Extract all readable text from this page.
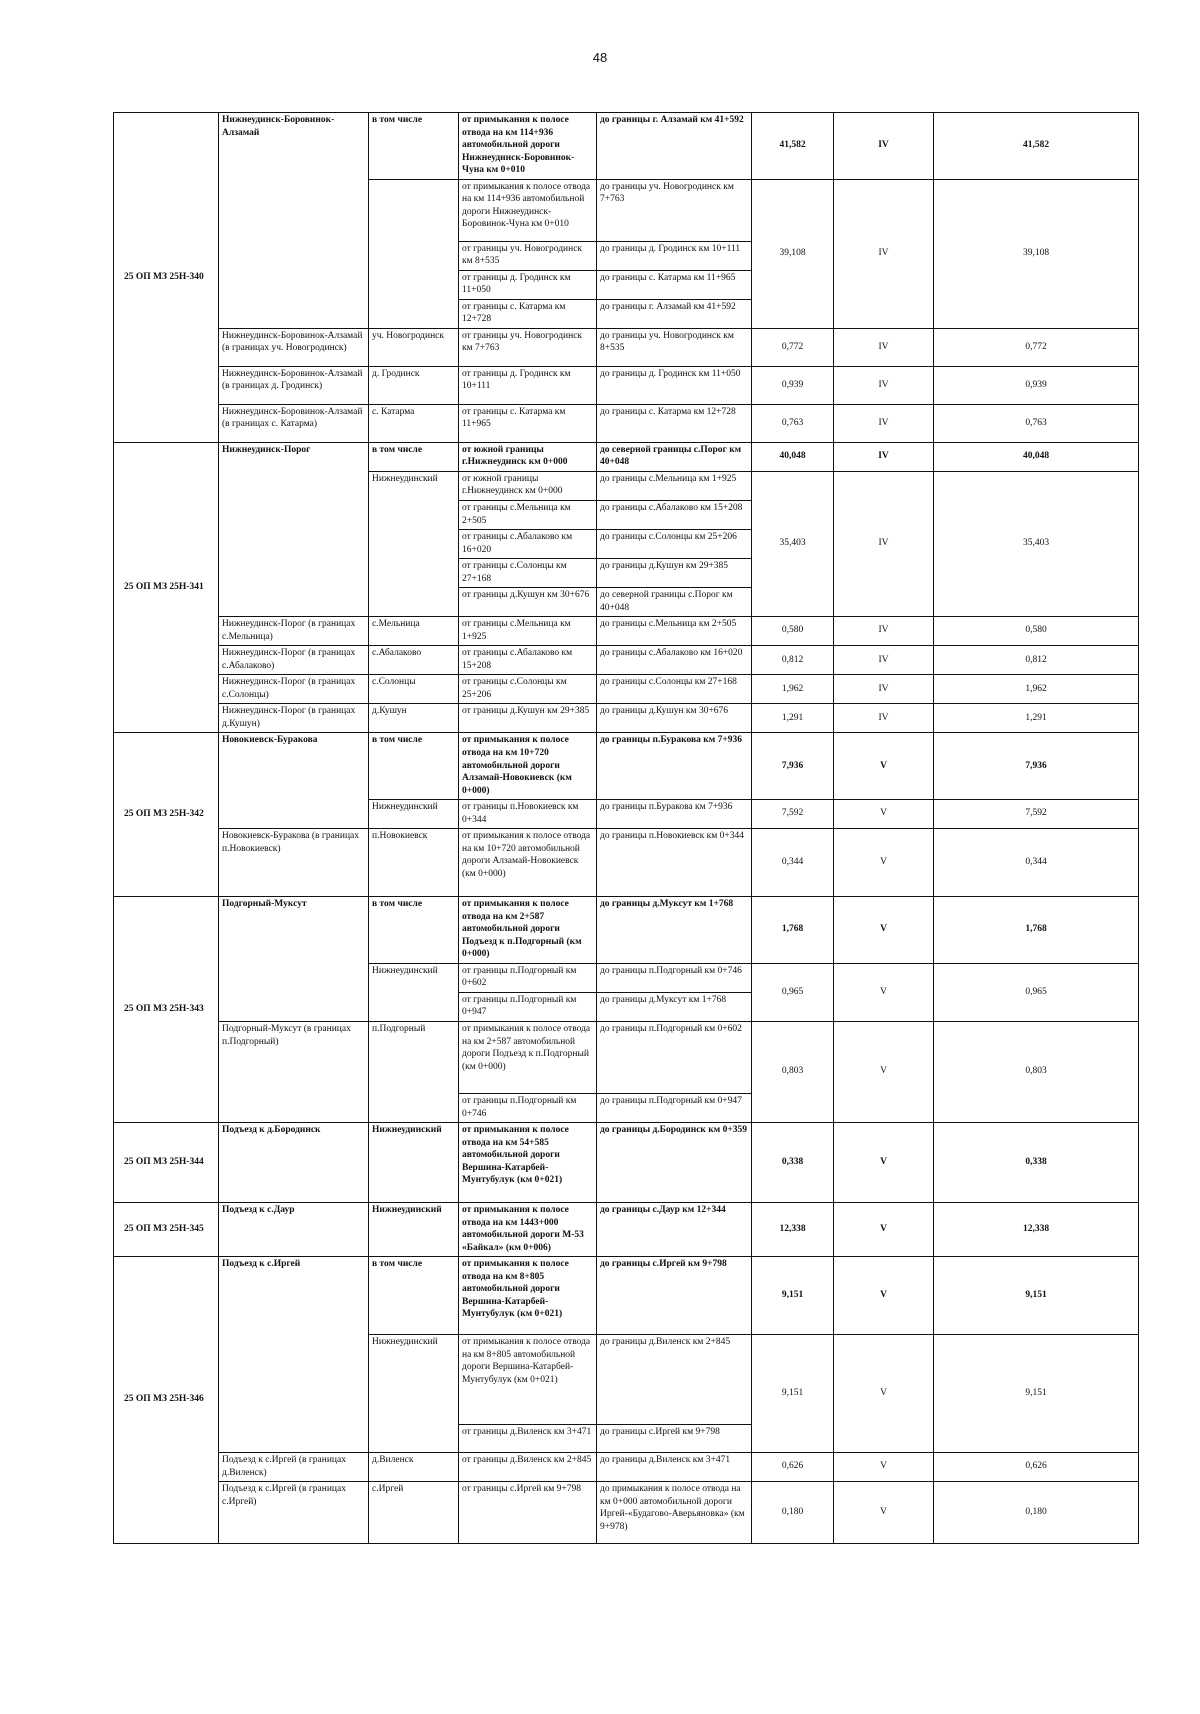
48
25 ОП МЗ 25Н-340	Нижнеудинск-Боровинок-Алзамай	в том числе	от примыкания к полосе отвода на км 114+936 автомобильной дороги Нижнеудинск-Боровинок-Чуна км 0+010	до границы г. Алзамай км 41+592	41,582	IV	41,582
			от примыкания к полосе отвода на км 114+936 автомобильной дороги Нижнеудинск-Боровинок-Чуна км 0+010	до границы уч. Новогродинск км 7+763	39,108	IV	39,108
			от границы уч. Новогродинск км 8+535	до границы д. Гродинск км 10+111			
			от границы д. Гродинск км 11+050	до границы с. Катарма км 11+965			
			от границы с. Катарма км 12+728	до границы г. Алзамай км 41+592			
	Нижнеудинск-Боровинок-Алзамай (в границах уч. Новогродинск)	уч. Новогродинск	от границы уч. Новогродинск км 7+763	до границы уч. Новогродинск км 8+535	0,772	IV	0,772
	Нижнеудинск-Боровинок-Алзамай (в границах д. Гродинск)	д. Гродинск	от границы д. Гродинск км 10+111	до границы д. Гродинск км 11+050	0,939	IV	0,939
	Нижнеудинск-Боровинок-Алзамай (в границах с. Катарма)	с. Катарма	от границы с. Катарма км 11+965	до границы с. Катарма км 12+728	0,763	IV	0,763
25 ОП МЗ 25Н-341	Нижнеудинск-Порог	в том числе	от южной границы г.Нижнеудинск км 0+000	до северной границы с.Порог км 40+048	40,048	IV	40,048
		Нижнеудинский	от южной границы г.Нижнеудинск км 0+000	до границы с.Мельница км 1+925	35,403	IV	35,403
			от границы с.Мельница км 2+505	до границы с.Абалаково км 15+208			
			от границы с.Абалаково км 16+020	до границы с.Солонцы км 25+206			
			от границы с.Солонцы км 27+168	до границы д.Кушун км 29+385			
			от границы д.Кушун км 30+676	до северной границы с.Порог км 40+048			
	Нижнеудинск-Порог (в границах с.Мельница)	с.Мельница	от границы с.Мельница км 1+925	до границы с.Мельница км 2+505	0,580	IV	0,580
	Нижнеудинск-Порог (в границах с.Абалаково)	с.Абалаково	от границы с.Абалаково км 15+208	до границы с.Абалаково км 16+020	0,812	IV	0,812
	Нижнеудинск-Порог (в границах с.Солонцы)	с.Солонцы	от границы с.Солонцы км 25+206	до границы с.Солонцы км 27+168	1,962	IV	1,962
	Нижнеудинск-Порог (в границах д.Кушун)	д.Кушун	от границы д.Кушун км 29+385	до границы д.Кушун км 30+676	1,291	IV	1,291
25 ОП МЗ 25Н-342	Новокиевск-Буракова	в том числе	от примыкания к полосе отвода на км 10+720 автомобильной дороги Алзамай-Новокиевск (км 0+000)	до границы п.Буракова км 7+936	7,936	V	7,936
		Нижнеудинский	от границы п.Новокиевск км 0+344	до границы п.Буракова км 7+936	7,592	V	7,592
	Новокиевск-Буракова (в границах п.Новокиевск)	п.Новокиевск	от примыкания к полосе отвода на км 10+720 автомобильной дороги Алзамай-Новокиевск (км 0+000)	до границы п.Новокиевск км 0+344	0,344	V	0,344
25 ОП МЗ 25Н-343	Подгорный-Муксут	в том числе	от примыкания к полосе отвода на км 2+587 автомобильной дороги Подъезд к п.Подгорный (км 0+000)	до границы д.Муксут км 1+768	1,768	V	1,768
		Нижнеудинский	от границы п.Подгорный км 0+602	до границы п.Подгорный км 0+746	0,965	V	0,965
			от границы п.Подгорный км 0+947	до границы д.Муксут км 1+768			
	Подгорный-Муксут (в границах п.Подгорный)	п.Подгорный	от примыкания к полосе отвода на км 2+587 автомобильной дороги Подъезд к п.Подгорный (км 0+000)	до границы п.Подгорный км 0+602	0,803	V	0,803
			от границы п.Подгорный км 0+746	до границы п.Подгорный км 0+947			
25 ОП МЗ 25Н-344	Подъезд к д.Бородинск	Нижнеудинский	от примыкания к полосе отвода на км 54+585 автомобильной дороги Вершина-Катарбей-Мунтубулук (км 0+021)	до границы д.Бородинск км 0+359	0,338	V	0,338
25 ОП МЗ 25Н-345	Подъезд к с.Даур	Нижнеудинский	от примыкания к полосе отвода на км 1443+000 автомобильной дороги М-53 «Байкал» (км 0+006)	до границы с.Даур км 12+344	12,338	V	12,338
25 ОП МЗ 25Н-346	Подъезд к с.Иргей	в том числе	от примыкания к полосе отвода на км 8+805 автомобильной дороги Вершина-Катарбей-Мунтубулук (км 0+021)	до границы с.Иргей км 9+798	9,151	V	9,151
		Нижнеудинский	от примыкания к полосе отвода на км 8+805 автомобильной дороги Вершина-Катарбей-Мунтубулук (км 0+021)	до границы д.Виленск км 2+845	9,151	V	9,151
			от границы д.Виленск км 3+471	до границы с.Иргей км 9+798			
	Подъезд к с.Иргей (в границах д.Виленск)	д.Виленск	от границы д.Виленск км 2+845	до границы д.Виленск км 3+471	0,626	V	0,626
	Подъезд к с.Иргей (в границах с.Иргей)	с.Иргей	от границы с.Иргей км 9+798	до примыкания к полосе отвода на км 0+000 автомобильной дороги Иргей-«Будагово-Аверьяновка» (км 9+978)	0,180	V	0,180
